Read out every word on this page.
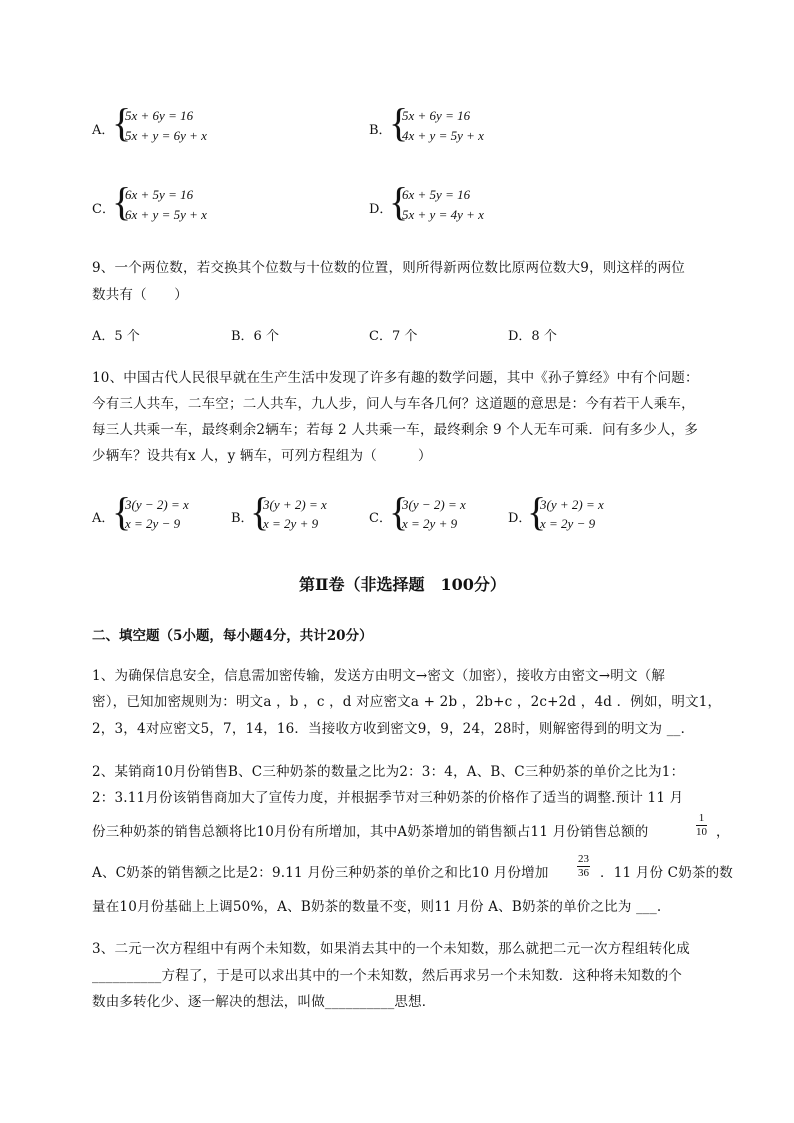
A．
{ 5x + 6y = 16
5x + y = 6y + x	B．
{ 5x + 6y = 16
4x + y = 5y + x
C．
{ 6x + 5y = 16
6x + y = 5y + x	D．
{ 6x + 5y = 16
5x + y = 4y + x
9、一个两位数，若交换其个位数与十位数的位置，则所得新两位数比原两位数大9，则这样的两位
数共有（　　）
A．5 个	B．6 个	C．7 个	D．8 个
10、中国古代人民很早就在生产生活中发现了许多有趣的数学问题，其中《孙子算经》中有个问题：
今有三人共车，二车空；二人共车，九人步，问人与车各几何？这道题的意思是：今有若干人乘车，
每三人共乘一车，最终剩余2辆车；若每 2 人共乘一车，最终剩余 9 个人无车可乘．问有多少人，多
少辆车？设共有x 人，y 辆车，可列方程组为（　　　）
A．
{ 3(y − 2) = x
x = 2y − 9	B．
{ 3(y + 2) = x
x = 2y + 9	C．
{ 3(y − 2) = x
x = 2y + 9	D．
{ 3(y + 2) = x
x = 2y − 9
第Ⅱ卷（非选择题　100分）
二、填空题（5小题，每小题4分，共计20分）
1、为确保信息安全，信息需加密传输，发送方由明文→密文（加密），接收方由密文→明文（解
密），已知加密规则为：明文a ，b ，c ，d 对应密文a + 2b ，2b+c ，2c+2d ，4d ．例如，明文1，
2，3，4对应密文5，7，14，16．当接收方收到密文9，9，24，28时，则解密得到的明文为 __．
2、某销商10月份销售B、C三种奶茶的数量之比为2：3：4，A、B、C三种奶茶的单价之比为1：
2：3.11月份该销售商加大了宣传力度，并根据季节对三种奶茶的价格作了适当的调整.预计 11 月
份三种奶茶的销售总额将比10月份有所增加，其中A奶茶增加的销售额占11 月份销售总额的	$\frac{1}{10}$ ，
A、C奶茶的销售额之比是2：9.11 月份三种奶茶的单价之和比10 月份增加	$\frac{23}{36}$ ．11 月份 C奶茶的数
量在10月份基础上上调50%，A、B奶茶的数量不变，则11 月份 A、B奶茶的单价之比为 ___.
3、二元一次方程组中有两个未知数，如果消去其中的一个未知数，那么就把二元一次方程组转化成
__________方程了，于是可以求出其中的一个未知数，然后再求另一个未知数．这种将未知数的个
数由多转化少、逐一解决的想法，叫做__________思想．
